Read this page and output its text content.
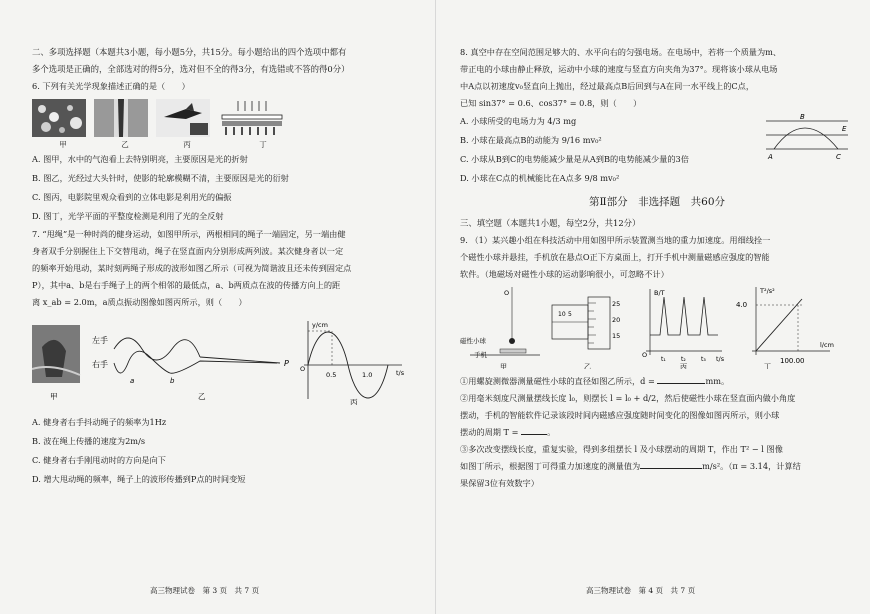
二、多项选择题（本题共3小题，每小题5分，共15分。每小题给出的四个选项中都有

多个选项是正确的，全部选对的得5分，选对但不全的得3分，有选错或不答的得0分）

6. 下列有关光学现象描述正确的是（　　）

甲	乙	丙	丁

A. 图甲，水中的气泡看上去特别明亮，主要原因是光的折射

B. 图乙，光经过大头针时，使影的轮廓模糊不清，主要原因是光的衍射

C. 图丙，电影院里观众看到的立体电影是利用光的偏振

D. 图丁，光学平面的平整度检测是利用了光的全反射

7. “甩绳”是一种时尚的健身运动，如图甲所示，两根相同的绳子一端固定，另一端由健

身者双手分别握住上下交替甩动，绳子在竖直面内分别形成两列波。某次健身者以一定

的频率开始甩动，某时刻两绳子形成的波形如图乙所示（可视为简谐波且还未传到固定点

P），其中a、b是右手绳子上的两个相邻的最低点，a、b两质点在波的传播方向上的距

离 x_ab = 2.0m，a质点振动图像如图丙所示，则（　　）

左手
右手	P
a	b
y/cm
t/s
O
0.5	1.0
甲	乙
丙

A. 健身者右手抖动绳子的频率为1Hz

B. 波在绳上传播的速度为2m/s

C. 健身者右手刚甩动时的方向是向下

D. 增大甩动绳的频率，绳子上的波形传播到P点的时间变短

高三物理试卷　第 3 页　共 7 页

8. 真空中存在空间范围足够大的、水平向右的匀强电场。在电场中，若将一个质量为m、

带正电的小球由静止释放，运动中小球的速度与竖直方向夹角为37°。现将该小球从电场

中A点以初速度v₀竖直向上抛出，经过最高点B后回到与A在同一水平线上的C点，

已知 sin37° = 0.6、cos37° = 0.8，则（　　）

A. 小球所受的电场力为 4/3 mg

B. 小球在最高点B的动能为 9/16 mv₀²

C. 小球从B到C的电势能减少量是从A到B的电势能减少量的3倍

D. 小球在C点的机械能比在A点多 9/8 mv₀²

A
B
C
E

第Ⅱ部分　非选择题　共60分

三、填空题（本题共1小题，每空2分，共12分）

9. （1）某兴趣小组在科技活动中用如图甲所示装置测当地的重力加速度。用细线拴一

个磁性小球并悬挂，手机放在悬点O正下方桌面上，打开手机中测量磁感应强度的智能

软件。（地磁场对磁性小球的运动影响很小，可忽略不计）

O
磁性小球
手机
25
20
15
10 5
B/T
t/s
O
t₁	t₂	t₃
T²/s²
4.0
l/cm
100.00
甲	乙	丙	丁

①用螺旋测微器测量磁性小球的直径如图乙所示，d =	mm。

②用毫米刻度尺测量摆线长度 l₀，则摆长 l = l₀ + d/2，然后使磁性小球在竖直面内做小角度

摆动，手机的智能软件记录该段时间内磁感应强度随时间变化的图像如图丙所示，则小球

摆动的周期 T =	。

③多次改变摆线长度，重复实验，得到多组摆长 l 及小球摆动的周期 T，作出 T² − l 图像

如图丁所示，根据图丁可得重力加速度的测量值为	m/s²。（π = 3.14，计算结

果保留3位有效数字）

高三物理试卷　第 4 页　共 7 页
